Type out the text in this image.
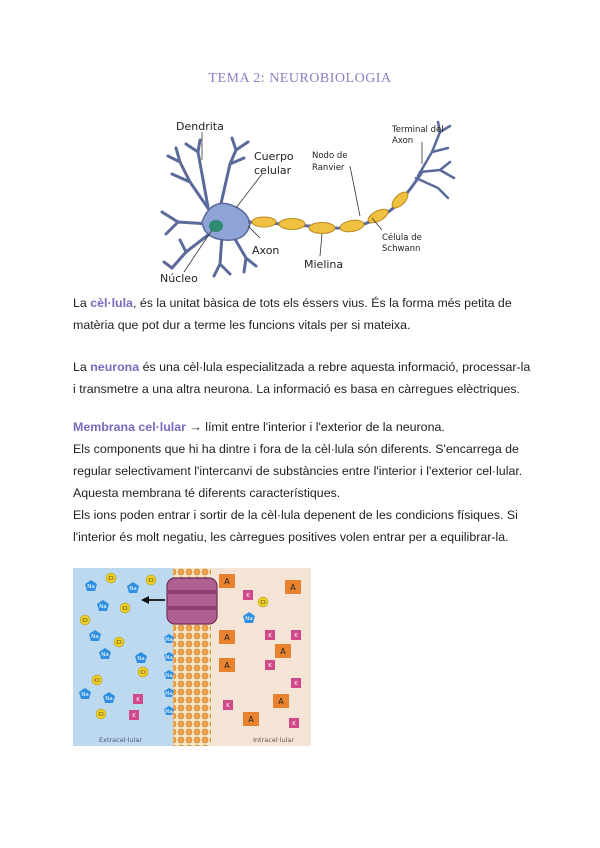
TEMA 2: NEUROBIOLOGIA
Dendrita
Cuerpo
celular
Nodo de
Ranvier
Terminal del
Axon
Axon
Célula de
Schwann
Mielina
Núcleo
La cèl·lula, és la unitat bàsica de tots els éssers vius. És la forma més petita de matèria que pot dur a terme les funcions vitals per si mateixa.
La neurona és una cèl·lula especialitzada a rebre aquesta informació, processar-la i transmetre a una altra neurona. La informació es basa en càrregues elèctriques.
Membrana cel·lular → límit entre l'interior i l'exterior de la neurona.
Els components que hi ha dintre i fora de la cèl·lula són diferents. S'encarrega de regular selectivament l'intercanvi de substàncies entre l'interior i l'exterior cel·lular.
Aquesta membrana té diferents característiques.
Els ions poden entrar i sortir de la cèl·lula depenent de les condicions físiques. Si l'interior és molt negatiu, les càrregues positives volen entrar per a equilibrar-la.
Na
Cl
Na
Cl
Na	Cl
Cl
Na
Cl
Na
Na
Cl
Cl
Na
Na	K
Cl	K
Na
Na
Na
Na
Na
A
A
K
Cl
Na
A	K	K
A
A	K
K
A
K
A	K
Extracel·lular	Intracel·lular
